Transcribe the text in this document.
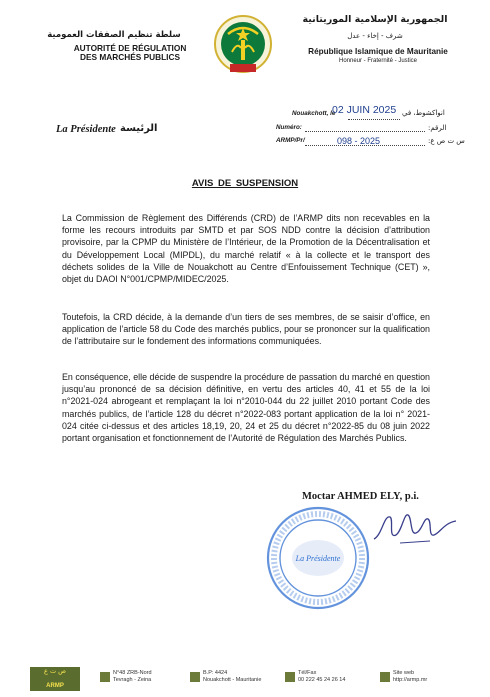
سلطة تنظيم الصفقات العمومية
AUTORITÉ DE RÉGULATION DES MARCHÉS PUBLICS
الجمهورية الإسلامية الموريتانية
شرف - إخاء - عدل
République Islamique de Mauritanie
Honneur - Fraternité - Justice
La Présidente الرئيسة
Nouakchott, le
02 JUIN 2025 انواكشوط، في
Numéro:	الرقم:
ARMP/Pr/	098 - 2025	س ت ص ع:
AVIS DE SUSPENSION
La Commission de Règlement des Différends (CRD) de l’ARMP dits non recevables en la forme les recours introduits par SMTD et par SOS NDD contre la décision d’attribution provisoire, par la CPMP du Ministère de l’Intérieur, de la Promotion de la Décentralisation et du Développement Local (MIPDL), du marché relatif « à la collecte et le transport des déchets solides de la Ville de Nouakchott au Centre d’Enfouissement Technique (CET) », objet du DAOI N°001/CPMP/MIDEC/2025.
Toutefois, la CRD décide, à la demande d’un tiers de ses membres, de se saisir d’office, en application de l’article 58 du Code des marchés publics, pour se prononcer sur la qualification de l’attributaire sur le fondement des informations communiquées.
En conséquence, elle décide de suspendre la procédure de passation du marché en question jusqu’au prononcé de sa décision définitive, en vertu des articles 40, 41 et 55 de la loi n°2021-024 abrogeant et remplaçant la loi n°2010-044 du 22 juillet 2010 portant Code des marchés publics, de l’article 128 du décret n°2022-083 portant application de la loi n° 2021-024 citée ci-dessus et des articles 18,19, 20, 24 et 25 du décret n°2022-85 du 08 juin 2022 portant organisation et fonctionnement de l’Autorité de Régulation des Marchés Publics.
Moctar AHMED ELY, p.i.
La Présidente
ص ت ع
ARMP
N°48 ZRB-Nord
Tevragh - Zeina
B.P: 4424
Nouakchott - Mauritanie
Tél/Fax
00 222 45 24 26 14
Site web
http://armp.mr
